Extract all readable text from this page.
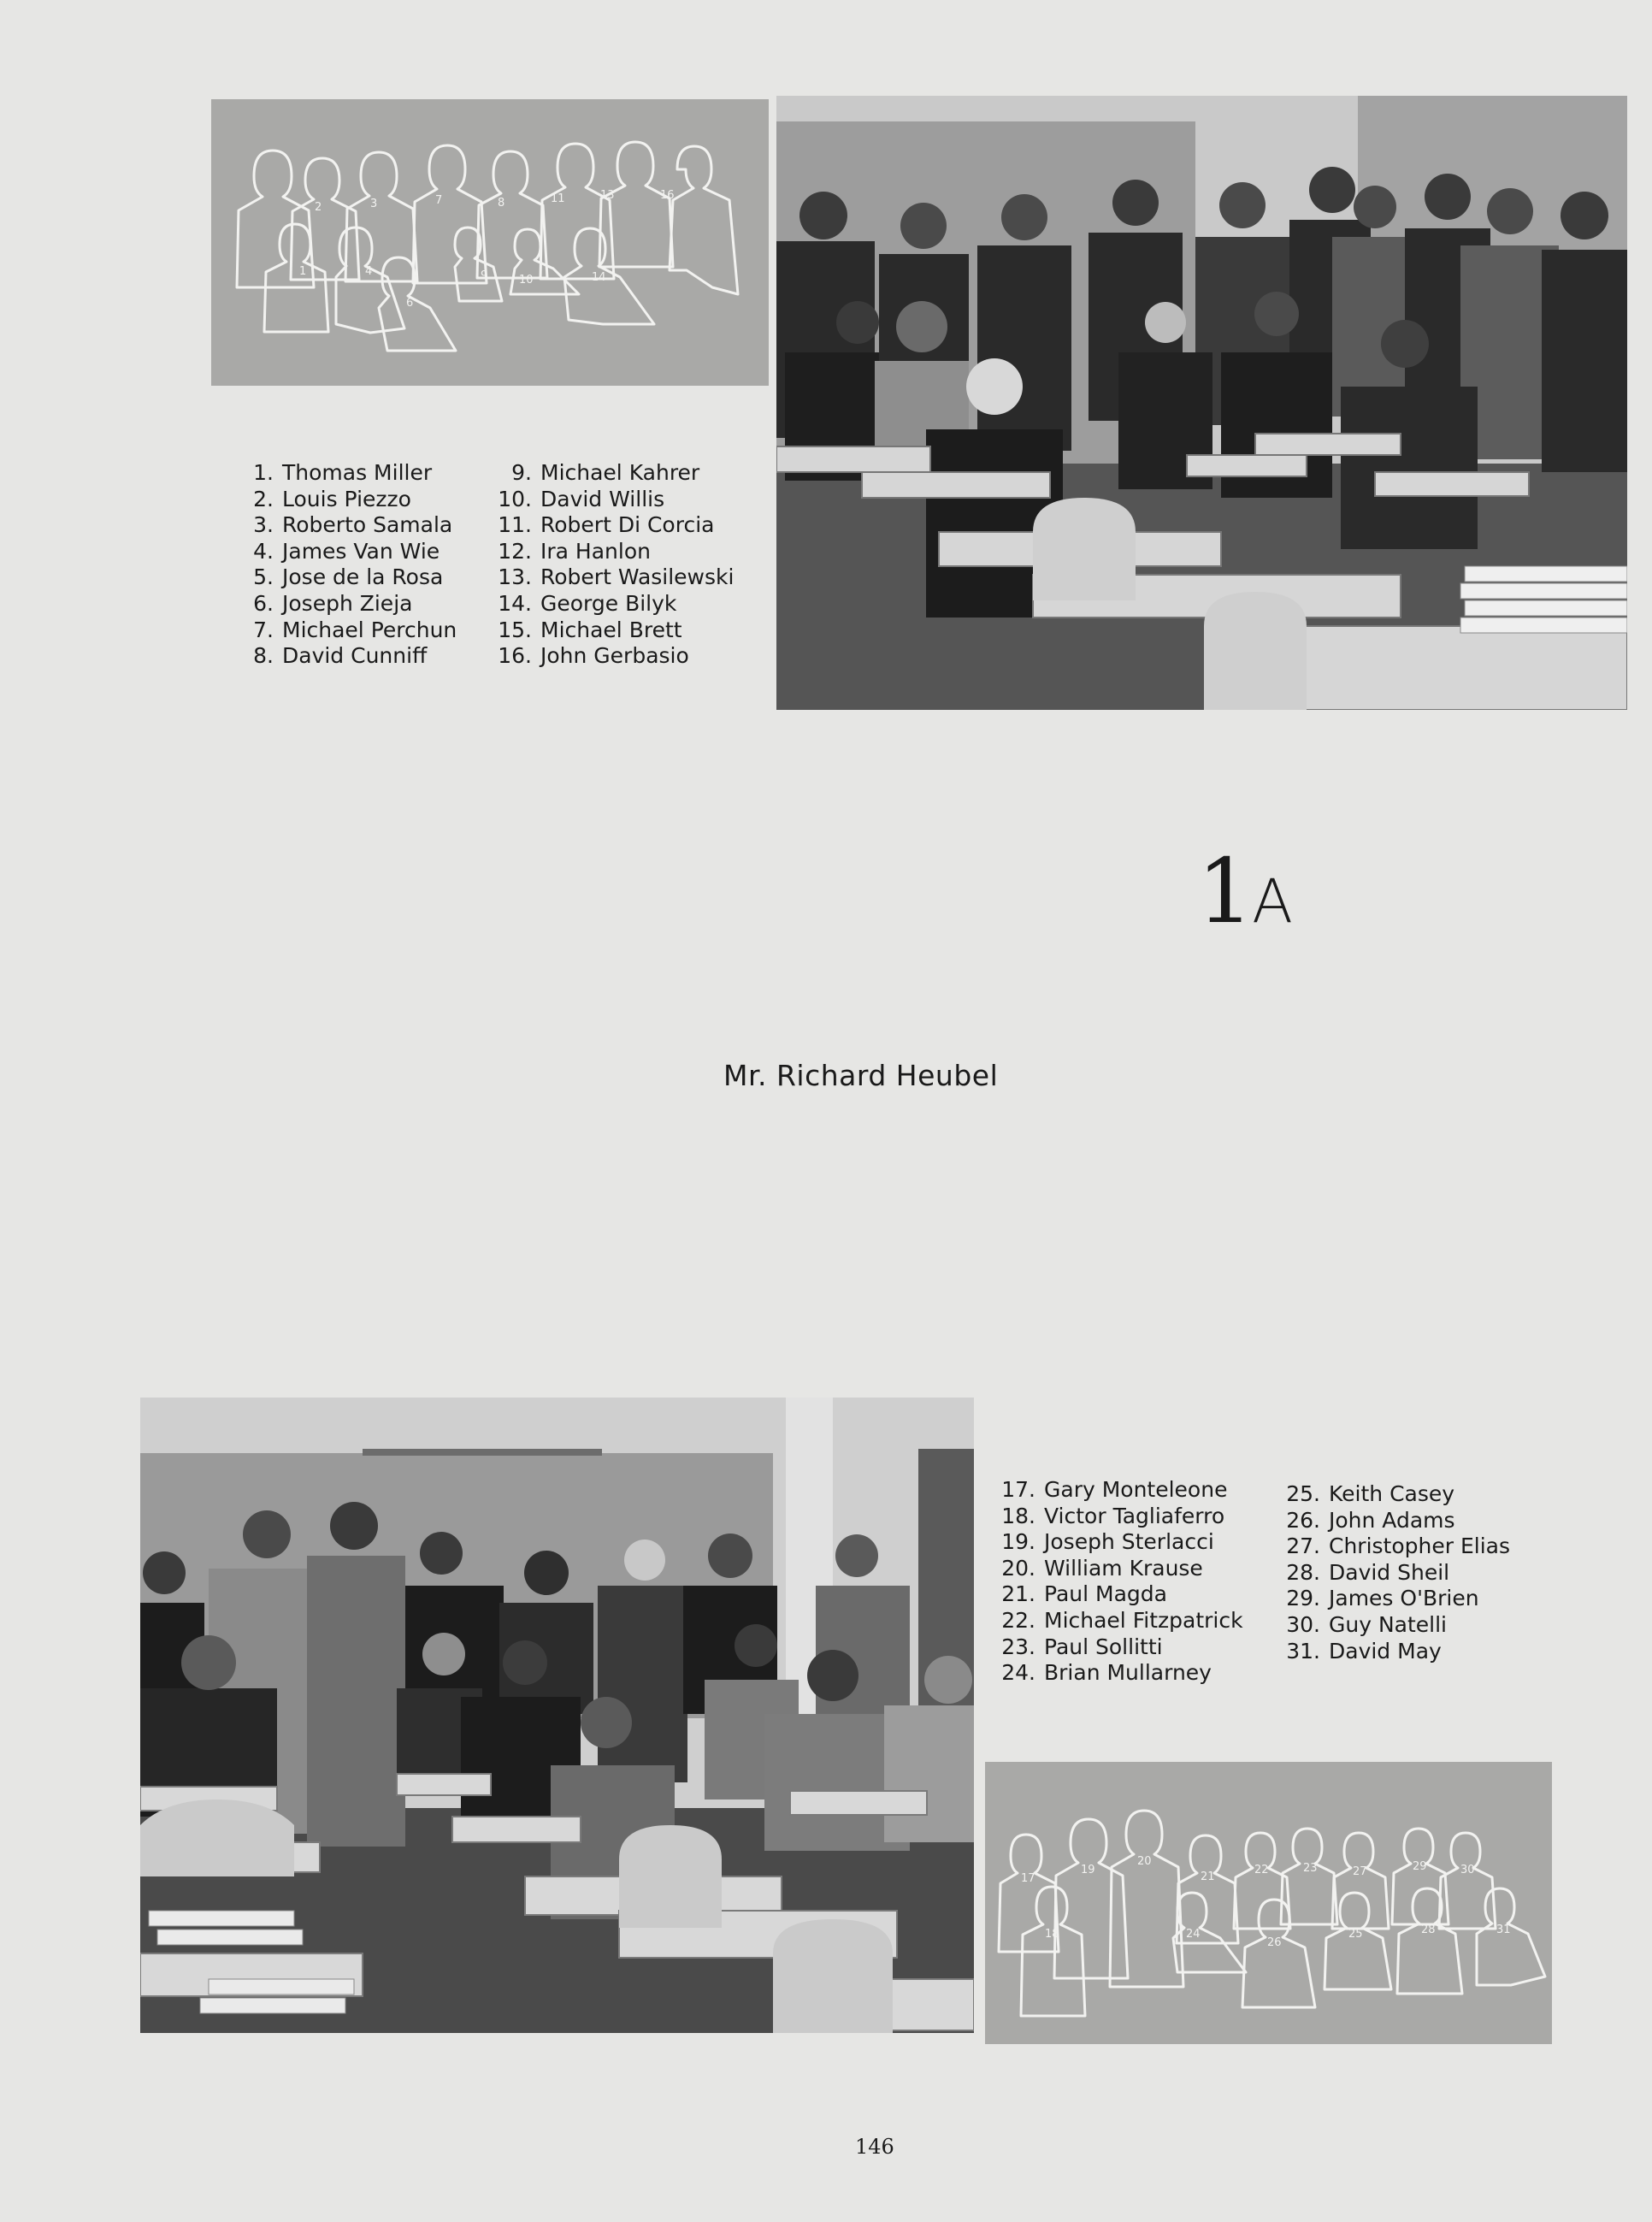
2	3	7	8	11	13	16
1	4
6
9	10	14
1. Thomas Miller
2. Louis Piezzo
3. Roberto Samala
4. James Van Wie
5. Jose de la Rosa
6. Joseph Zieja
7. Michael Perchun
8. David Cunniff
9. Michael Kahrer
10. David Willis
11. Robert Di Corcia
12. Ira Hanlon
13. Robert Wasilewski
14. George Bilyk
15. Michael Brett
16. John Gerbasio
1A
Mr. Richard Heubel
17. Gary Monteleone
18. Victor Tagliaferro
19. Joseph Sterlacci
20. William Krause
21. Paul Magda
22. Michael Fitzpatrick
23. Paul Sollitti
24. Brian Mullarney
25. Keith Casey
26. John Adams
27. Christopher Elias
28. David Sheil
29. James O'Brien
30. Guy Natelli
31. David May
17
19
20
21
22	23	27	29	30
18	24
26
25	28	31
146
